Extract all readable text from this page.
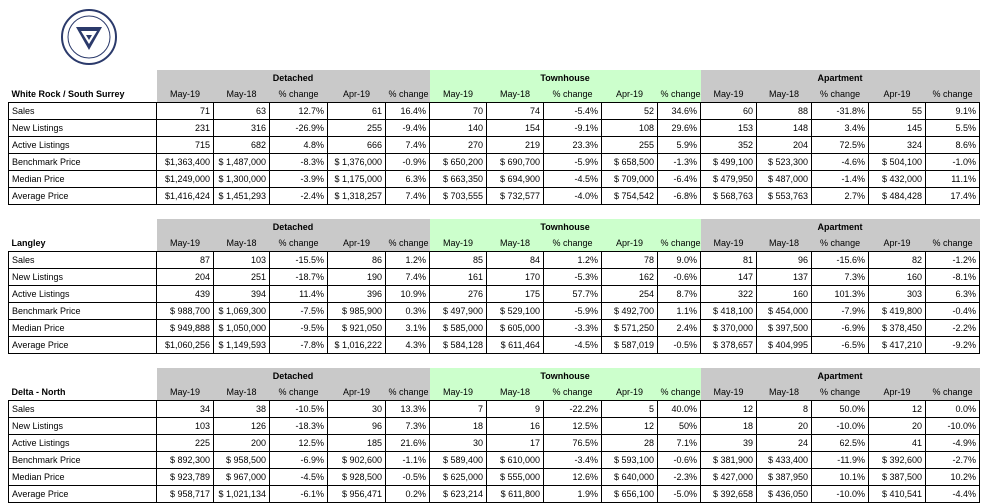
	Detached					Townhouse					Apartment				
White Rock / South Surrey	May-19	May-18	% change	Apr-19	% change	May-19	May-18	% change	Apr-19	% change	May-19	May-18	% change	Apr-19	% change
Sales	71	63	12.7%	61	16.4%	70	74	-5.4%	52	34.6%	60	88	-31.8%	55	9.1%
New Listings	231	316	-26.9%	255	-9.4%	140	154	-9.1%	108	29.6%	153	148	3.4%	145	5.5%
Active Listings	715	682	4.8%	666	7.4%	270	219	23.3%	255	5.9%	352	204	72.5%	324	8.6%
Benchmark Price	$1,363,400	$ 1,487,000	-8.3%	$ 1,376,000	-0.9%	$ 650,200	$ 690,700	-5.9%	$ 658,500	-1.3%	$ 499,100	$ 523,300	-4.6%	$ 504,100	-1.0%
Median Price	$1,249,000	$ 1,300,000	-3.9%	$ 1,175,000	6.3%	$ 663,350	$ 694,900	-4.5%	$ 709,000	-6.4%	$ 479,950	$ 487,000	-1.4%	$ 432,000	11.1%
Average Price	$1,416,424	$ 1,451,293	-2.4%	$ 1,318,257	7.4%	$ 703,555	$ 732,577	-4.0%	$ 754,542	-6.8%	$ 568,763	$ 553,763	2.7%	$ 484,428	17.4%
	Detached					Townhouse					Apartment				
Langley	May-19	May-18	% change	Apr-19	% change	May-19	May-18	% change	Apr-19	% change	May-19	May-18	% change	Apr-19	% change
Sales	87	103	-15.5%	86	1.2%	85	84	1.2%	78	9.0%	81	96	-15.6%	82	-1.2%
New Listings	204	251	-18.7%	190	7.4%	161	170	-5.3%	162	-0.6%	147	137	7.3%	160	-8.1%
Active Listings	439	394	11.4%	396	10.9%	276	175	57.7%	254	8.7%	322	160	101.3%	303	6.3%
Benchmark Price	$ 988,700	$ 1,069,300	-7.5%	$ 985,900	0.3%	$ 497,900	$ 529,100	-5.9%	$ 492,700	1.1%	$ 418,100	$ 454,000	-7.9%	$ 419,800	-0.4%
Median Price	$ 949,888	$ 1,050,000	-9.5%	$ 921,050	3.1%	$ 585,000	$ 605,000	-3.3%	$ 571,250	2.4%	$ 370,000	$ 397,500	-6.9%	$ 378,450	-2.2%
Average Price	$1,060,256	$ 1,149,593	-7.8%	$ 1,016,222	4.3%	$ 584,128	$ 611,464	-4.5%	$ 587,019	-0.5%	$ 378,657	$ 404,995	-6.5%	$ 417,210	-9.2%
	Detached					Townhouse					Apartment				
Delta - North	May-19	May-18	% change	Apr-19	% change	May-19	May-18	% change	Apr-19	% change	May-19	May-18	% change	Apr-19	% change
Sales	34	38	-10.5%	30	13.3%	7	9	-22.2%	5	40.0%	12	8	50.0%	12	0.0%
New Listings	103	126	-18.3%	96	7.3%	18	16	12.5%	12	50%	18	20	-10.0%	20	-10.0%
Active Listings	225	200	12.5%	185	21.6%	30	17	76.5%	28	7.1%	39	24	62.5%	41	-4.9%
Benchmark Price	$ 892,300	$ 958,500	-6.9%	$ 902,600	-1.1%	$ 589,400	$ 610,000	-3.4%	$ 593,100	-0.6%	$ 381,900	$ 433,400	-11.9%	$ 392,600	-2.7%
Median Price	$ 923,789	$ 967,000	-4.5%	$ 928,500	-0.5%	$ 625,000	$ 555,000	12.6%	$ 640,000	-2.3%	$ 427,000	$ 387,950	10.1%	$ 387,500	10.2%
Average Price	$ 958,717	$ 1,021,134	-6.1%	$ 956,471	0.2%	$ 623,214	$ 611,800	1.9%	$ 656,100	-5.0%	$ 392,658	$ 436,050	-10.0%	$ 410,541	-4.4%
